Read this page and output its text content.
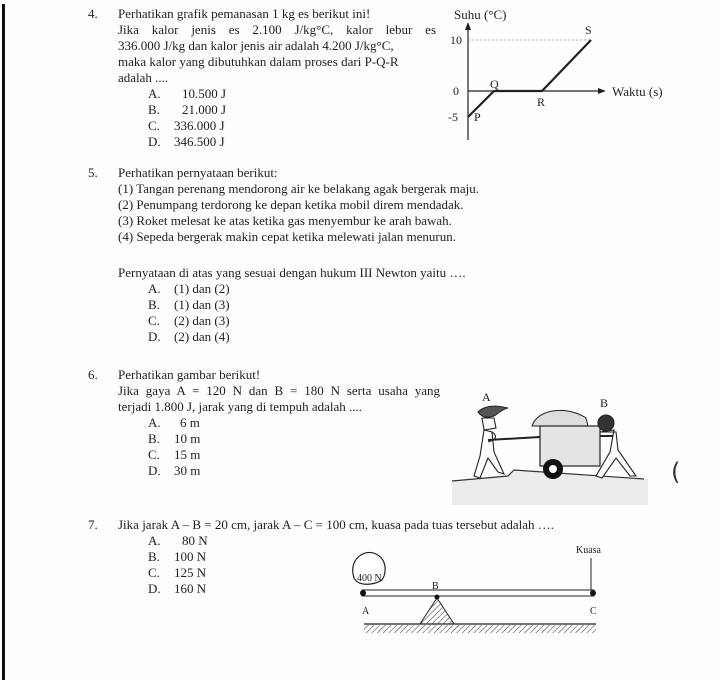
4. Perhatikan grafik pemanasan 1 kg es berikut ini!
Jika kalor jenis es 2.100 J/kg°C, kalor lebur es
336.000 J/kg dan kalor jenis air adalah 4.200 J/kg°C,
maka kalor yang dibutuhkan dalam proses dari P-Q-R
adalah ....
A. 10.500 J
B. 21.000 J
C. 336.000 J
D. 346.500 J
Suhu (°C)
Waktu (s)
10
0
-5 P
Q
R
S
5. Perhatikan pernyataan berikut:
(1) Tangan perenang mendorong air ke belakang agak bergerak maju.
(2) Penumpang terdorong ke depan ketika mobil direm mendadak.
(3) Roket melesat ke atas ketika gas menyembur ke arah bawah.
(4) Sepeda bergerak makin cepat ketika melewati jalan menurun.
Pernyataan di atas yang sesuai dengan hukum III Newton yaitu ….
A. (1) dan (2)
B. (1) dan (3)
C. (2) dan (3)
D. (2) dan (4)
6. Perhatikan gambar berikut!
Jika gaya A = 120 N dan B = 180 N serta usaha yang
terjadi 1.800 J, jarak yang di tempuh adalah ....
A. 6 m
B. 10 m
C. 15 m
D. 30 m
A	B
(
7. Jika jarak A – B = 20 cm, jarak A – C = 100 cm, kuasa pada tuas tersebut adalah ….
A. 80 N
B. 100 N
C. 125 N
D. 160 N
400 N
Kuasa
B
A	C
